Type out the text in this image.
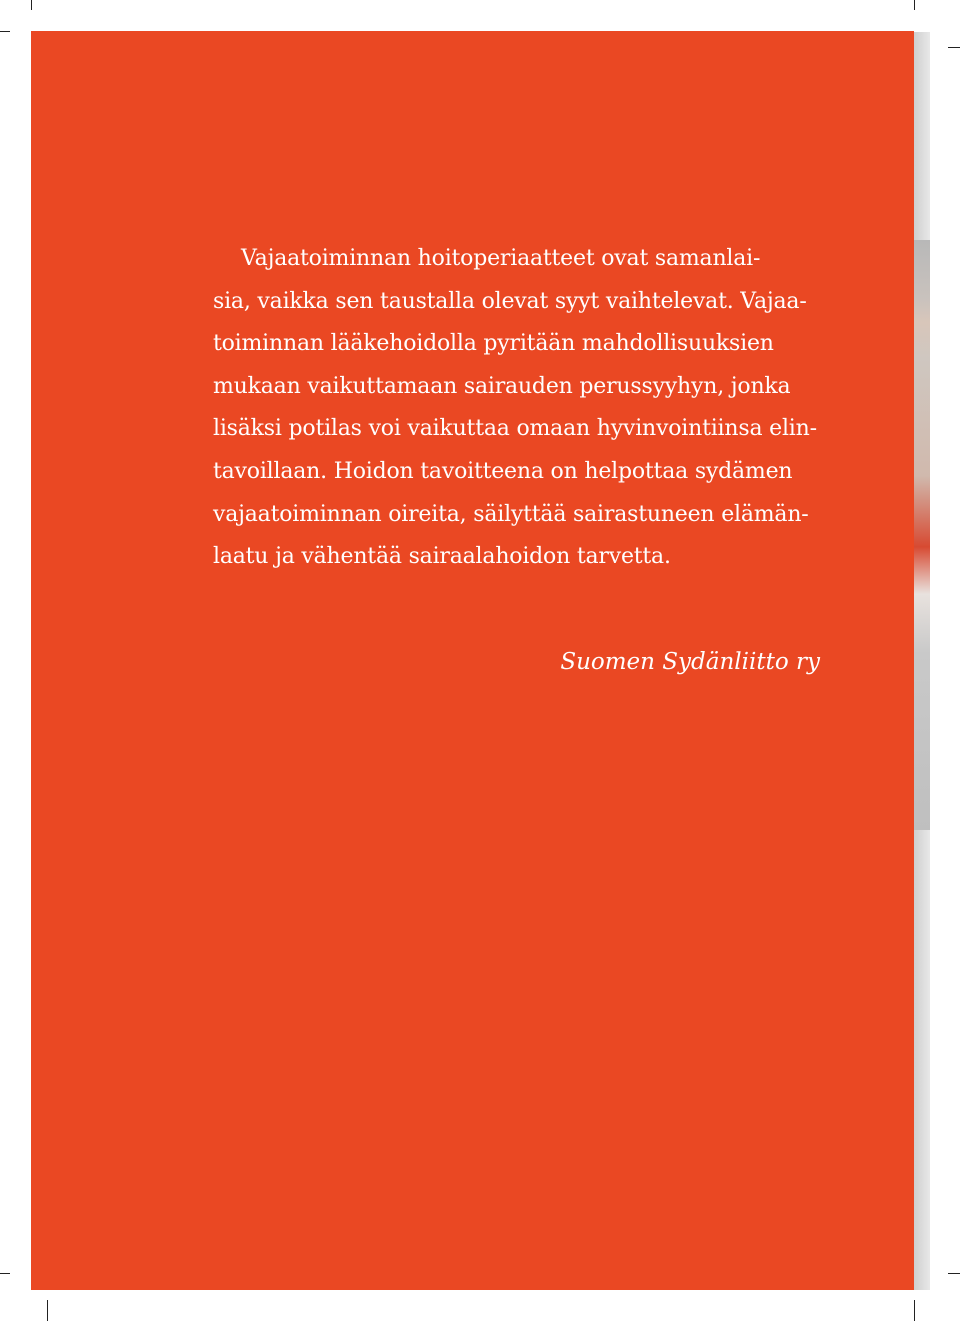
Vajaatoiminnan hoitoperiaatteet ovat samanlai-
sia, vaikka sen taustalla olevat syyt vaihtelevat. Vajaa-
toiminnan lääkehoidolla pyritään mahdollisuuksien
mukaan vaikuttamaan sairauden perussyyhyn, jonka
lisäksi potilas voi vaikuttaa omaan hyvinvointiinsa elin-
tavoillaan. Hoidon tavoitteena on helpottaa sydämen
vajaatoiminnan oireita, säilyttää sairastuneen elämän-
laatu ja vähentää sairaalahoidon tarvetta.

Suomen Sydänliitto ry
